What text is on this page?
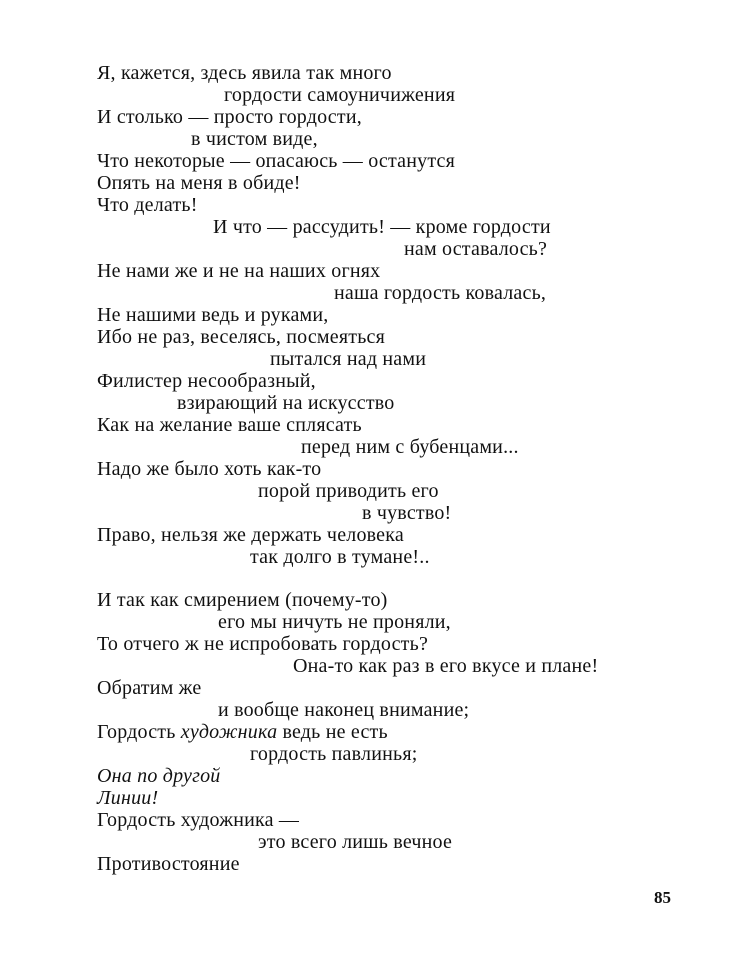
Я, кажется, здесь явила так много
гордости самоуничижения
И столько — просто гордости,
в чистом виде,
Что некоторые — опасаюсь — останутся
Опять на меня в обиде!
Что делать!
И что — рассудить! — кроме гордости
нам оставалось?
Не нами же и не на наших огнях
наша гордость ковалась,
Не нашими ведь и руками,
Ибо не раз, веселясь, посмеяться
пытался над нами
Филистер несообразный,
взирающий на искусство
Как на желание ваше сплясать
перед ним с бубенцами...
Надо же было хоть как-то
порой приводить его
в чувство!
Право, нельзя же держать человека
так долго в тумане!..
И так как смирением (почему-то)
его мы ничуть не проняли,
То отчего ж не испробовать гордость?
Она-то как раз в его вкусе и плане!
Обратим же
и вообще наконец внимание;
Гордость художника ведь не есть
гордость павлинья;
Она по другой
Линии!
Гордость художника —
это всего лишь вечное
Противостояние
85
